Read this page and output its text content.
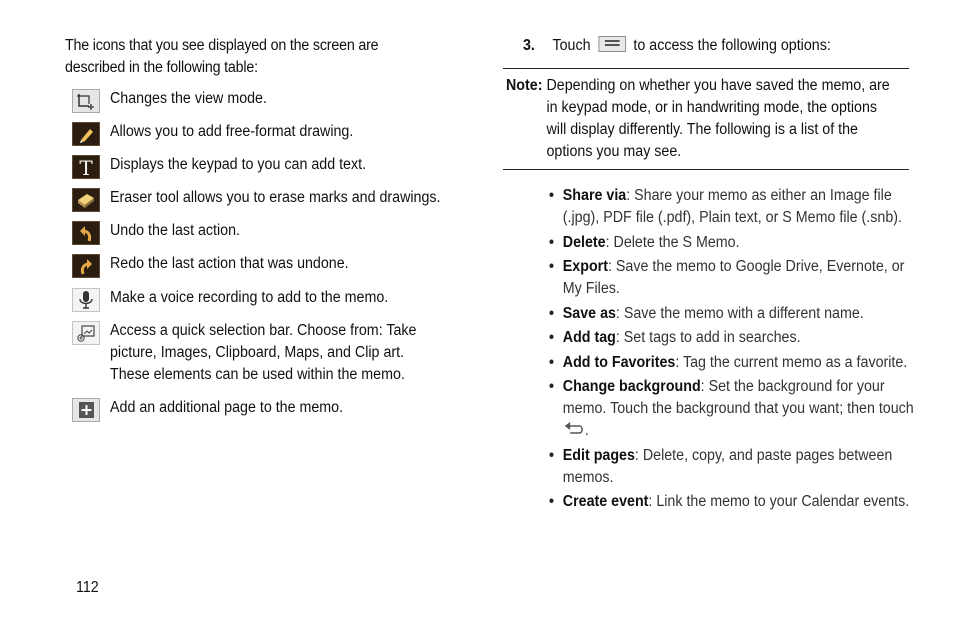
The icons that you see displayed on the screen are described in the following table:
Changes the view mode.
Allows you to add free-format drawing.
T Displays the keypad to you can add text.
Eraser tool allows you to erase marks and drawings.
Undo the last action.
Redo the last action that was undone.
Make a voice recording to add to the memo.
Access a quick selection bar. Choose from: Take picture, Images, Clipboard, Maps, and Clip art. These elements can be used within the memo.
Add an additional page to the memo.
112
3. Touch	to access the following options:
Note: Depending on whether you have saved the memo, are in keypad mode, or in handwriting mode, the options will display differently. The following is a list of the options you may see.
• Share via: Share your memo as either an Image file (.jpg), PDF file (.pdf), Plain text, or S Memo file (.snb).
• Delete: Delete the S Memo.
• Export: Save the memo to Google Drive, Evernote, or My Files.
• Save as: Save the memo with a different name.
• Add tag: Set tags to add in searches.
• Add to Favorites: Tag the current memo as a favorite.
• Change background: Set the background for your memo. Touch the background that you want; then touch .
• Edit pages: Delete, copy, and paste pages between memos.
• Create event: Link the memo to your Calendar events.
